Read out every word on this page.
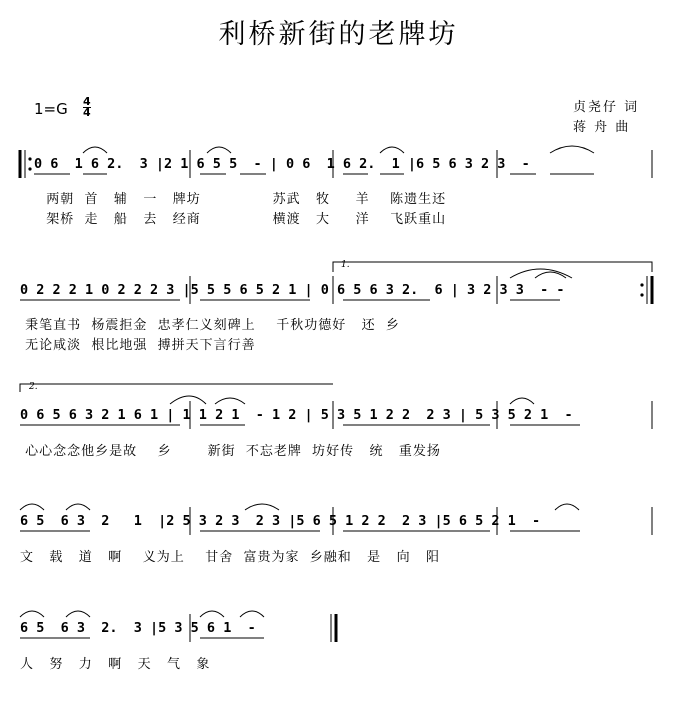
利桥新街的老牌坊
1=G 4
4	贞尧仔 词
蒋 舟 曲
0 6  1 6 2.  3 |2 1 6 5 5  - | 0 6  1 6 2.  1 |6 5 6 3 2 3  -
两朝  首   辅   一   牌坊              苏武   牧     羊    陈遗生还
架桥  走   船   去   经商              横渡   大     洋    飞跃重山
0 2 2 2 1 0 2 2 2 3 |5 5 5 6 5 2 1 | 0 6 5 6 3 2.  6 | 3 2 3 3  - -
秉笔直书  杨震拒金  忠孝仁义刻碑上    千秋功德好   还  乡
无论咸淡  根比地强  搏拼天下言行善
0 6 5 6 3 2 1 6 1 | 1 1 2 1  - 1 2 | 5 3 5 1 2 2  2 3 | 5 3 5 2 1  -
心心念念他乡是故    乡       新街  不忘老牌  坊好传   统   重发扬
6 5  6 3  2   1  |2 5 3 2 3  2 3 |5 6 5 1 2 2  2 3 |5 6 5 2 1  -
文   载   道   啊    义为上    甘舍  富贵为家  乡融和   是   向   阳
6 5  6 3  2.  3 |5 3 5 6 1  -
人   努   力   啊   天   气   象
1.
2.
